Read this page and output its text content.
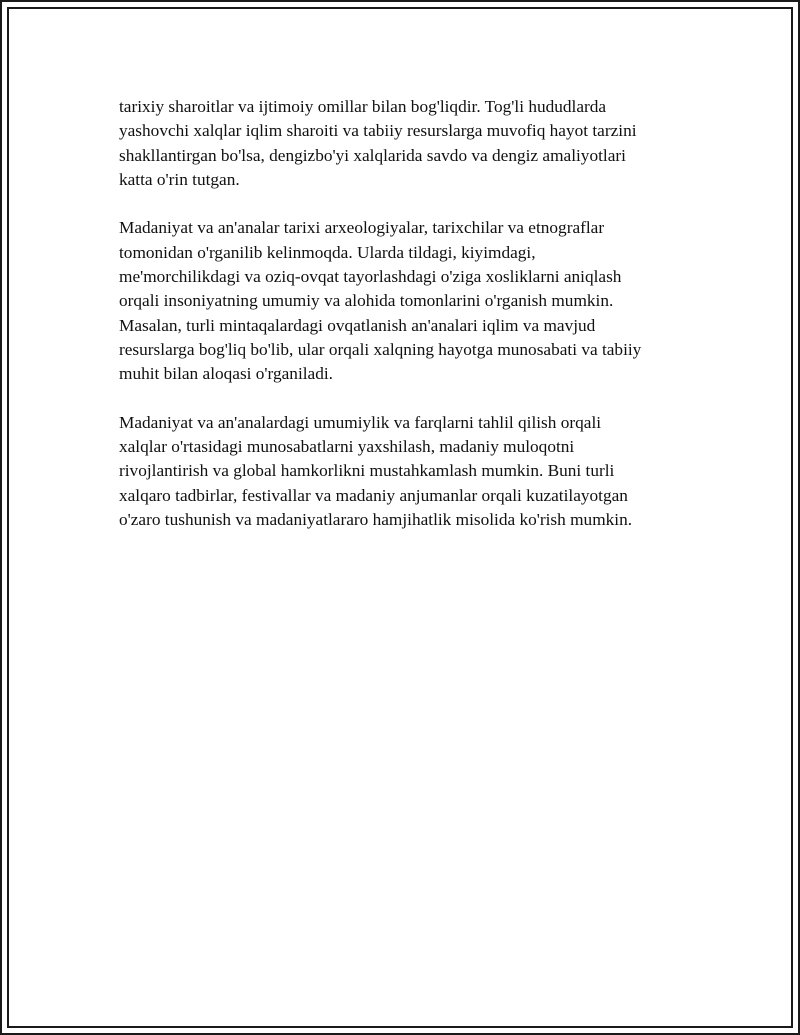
tarixiy sharoitlar va ijtimoiy omillar bilan bog'liqdir. Tog'li hududlarda
yashovchi xalqlar iqlim sharoiti va tabiiy resurslarga muvofiq hayot tarzini
shakllantirgan bo'lsa, dengizbo'yi xalqlarida savdo va dengiz amaliyotlari
katta o'rin tutgan.

Madaniyat va an'analar tarixi arxeologiyalar, tarixchilar va etnograflar
tomonidan o'rganilib kelinmoqda. Ularda tildagi, kiyimdagi,
me'morchilikdagi va oziq-ovqat tayorlashdagi o'ziga xosliklarni aniqlash
orqali insoniyatning umumiy va alohida tomonlarini o'rganish mumkin.
Masalan, turli mintaqalardagi ovqatlanish an'analari iqlim va mavjud
resurslarga bog'liq bo'lib, ular orqali xalqning hayotga munosabati va tabiiy
muhit bilan aloqasi o'rganiladi.

Madaniyat va an'analardagi umumiylik va farqlarni tahlil qilish orqali
xalqlar o'rtasidagi munosabatlarni yaxshilash, madaniy muloqotni
rivojlantirish va global hamkorlikni mustahkamlash mumkin. Buni turli
xalqaro tadbirlar, festivallar va madaniy anjumanlar orqali kuzatilayotgan
o'zaro tushunish va madaniyatlararo hamjihatlik misolida ko'rish mumkin.
